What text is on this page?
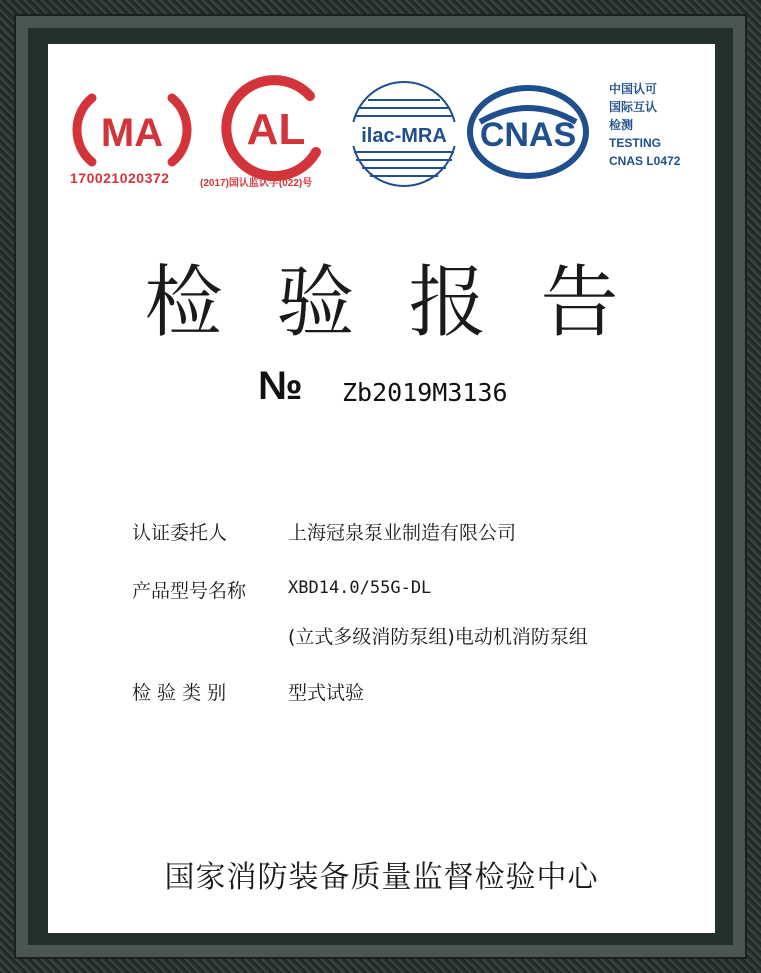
MA AL	ilac-MRA CNAS
170021020372	(2017)国认监认字(022)号
中国认可
国际互认
检测
TESTING
CNAS L0472
检验报告
№ Zb2019M3136
认证委托人	上海冠泉泵业制造有限公司
产品型号名称 XBD14.0/55G-DL
(立式多级消防泵组)电动机消防泵组
检 验 类 别	型式试验
国家消防装备质量监督检验中心
